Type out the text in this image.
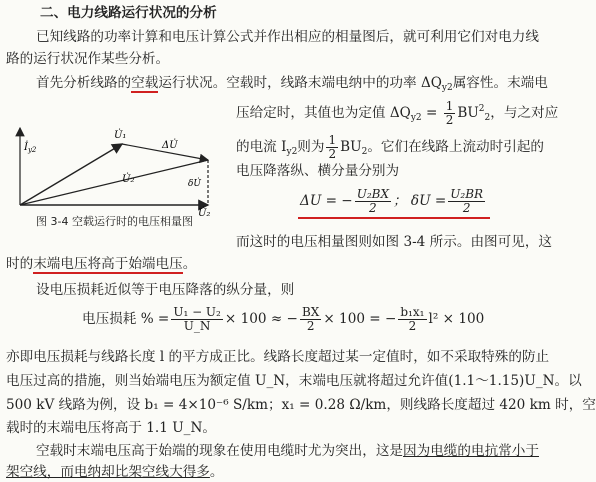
二、电力线路运行状况的分析
已知线路的功率计算和电压计算公式并作出相应的相量图后，就可利用它们对电力线
路的运行状况作某些分析。
首先分析线路的空载运行状况。空载时，线路末端电纳中的功率 $\Delta Q_{y2}$属容性。末端电
压给定时，其值也为定值 $\Delta Q_{y2} = \frac{1}{2} BU^2_2$，与之对应
的电流 $I_{y2}$则为 $\frac{1}{2} BU_2$。它们在线路上流动时引起的
电压降落纵、横分量分别为
ΔU = − $\frac{\text{U₂BX}}{2}$ ； $\delta U = \frac{\text{U₂BR}}{2}$
而这时的电压相量图则如图 3-4 所示。由图可见，这
时的末端电压将高于始端电压。
$İ_{y2}$
U̇₁
U̇₂
U̇₂
ΔU̇
δU̇
图 3-4 空载运行时的电压相量图
设电压损耗近似等于电压降落的纵分量，则
电压损耗 % = $\frac{\text{U₁ − U₂}}{U\_N} \times 100$ ≈ − $\frac{BX}{2} \times 100$ = − $\frac{\text{b₁x₁}}{2} l^2 \times 100$
亦即电压损耗与线路长度 l 的平方成正比。线路长度超过某一定值时，如不采取特殊的防止
电压过高的措施，则当始端电压为额定值 U_N，末端电压就将超过允许值(1.1～1.15)U_N。以
500 kV 线路为例，设 b₁ = 4×10⁻⁶ S/km；x₁ = 0.28 Ω/km，则线路长度超过 420 km 时，空
载时的末端电压将高于 1.1 U_N。
空载时末端电压高于始端的现象在使用电缆时尤为突出，这是因为电缆的电抗常小于
架空线，而电纳却比架空线大得多。
